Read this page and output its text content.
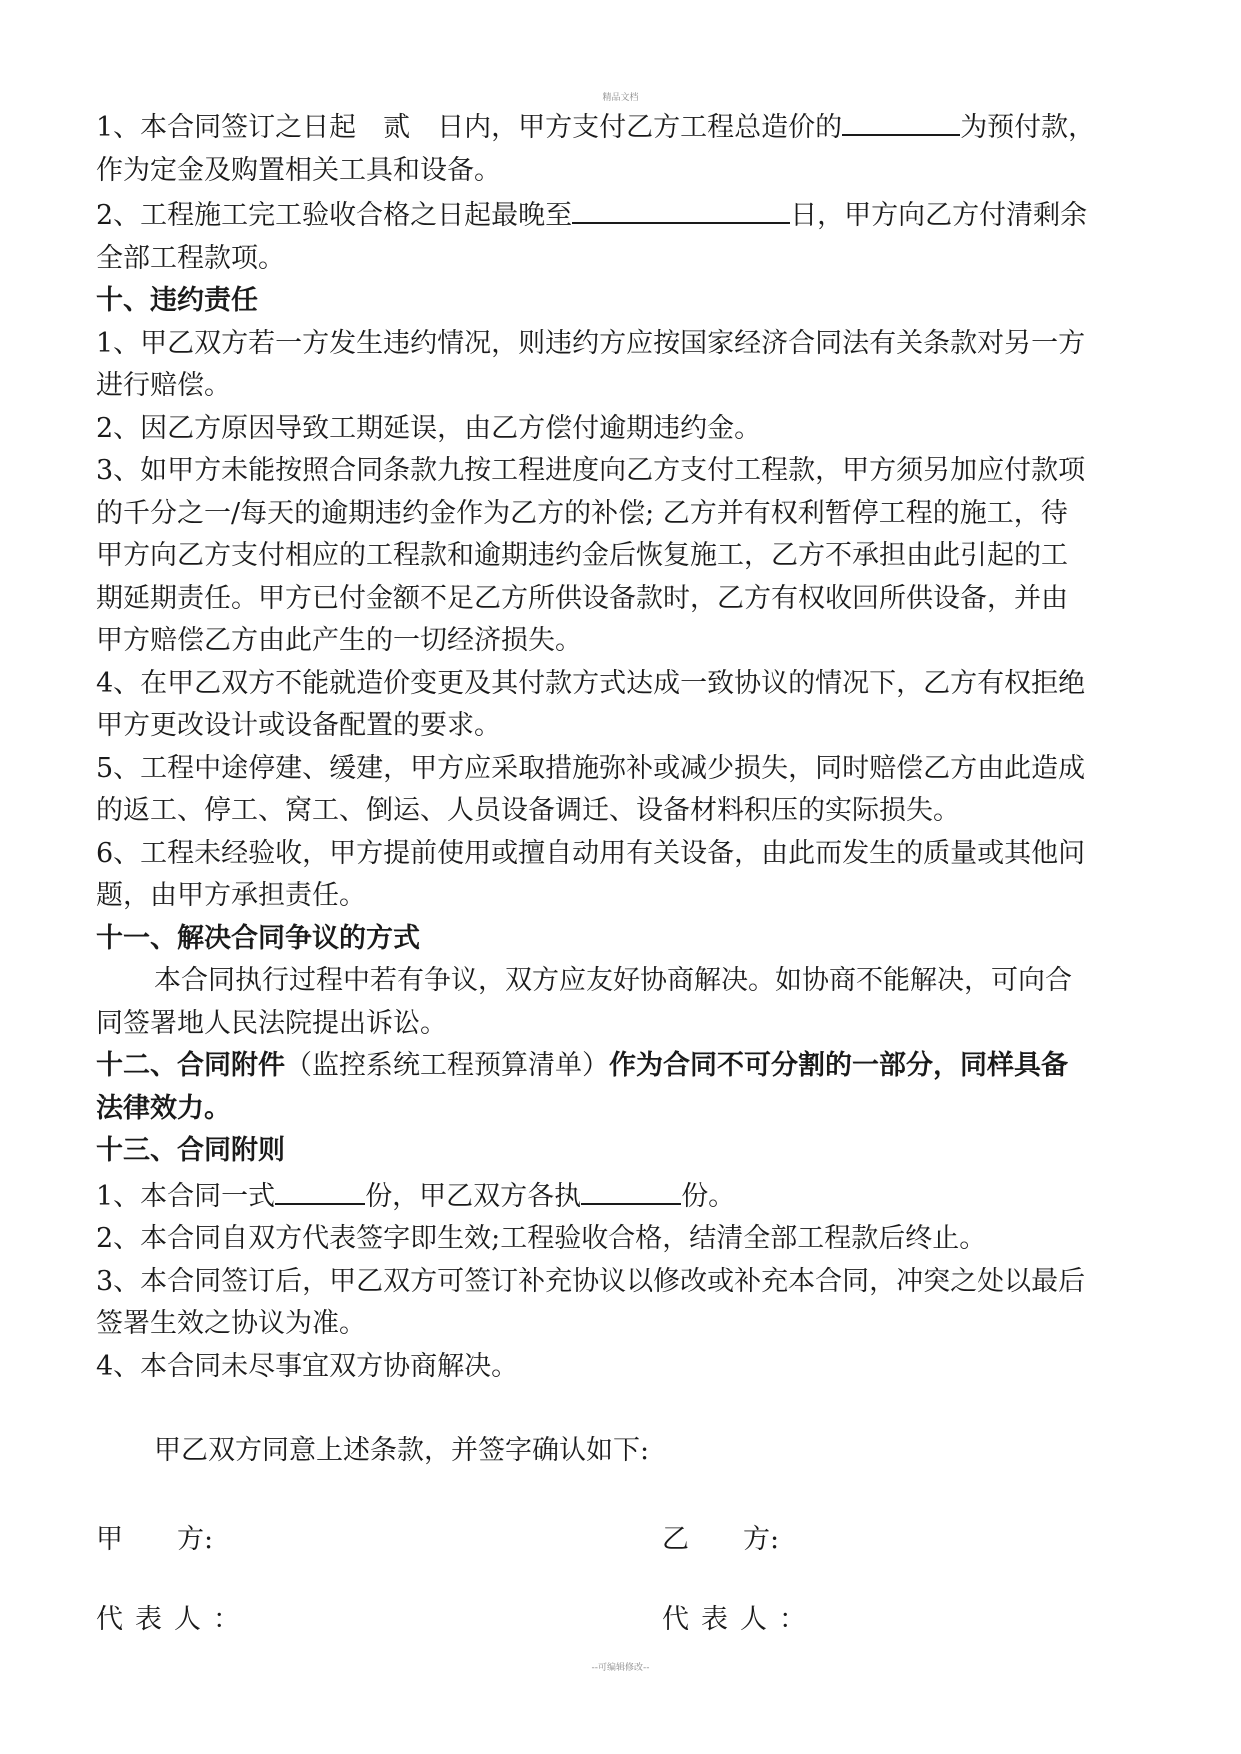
精品文档

1、本合同签订之日起　贰　日内，甲方支付乙方工程总造价的	为预付款，
作为定金及购置相关工具和设备。

2、工程施工完工验收合格之日起最晚至	日，甲方向乙方付清剩余
全部工程款项。

十、违约责任

1、甲乙双方若一方发生违约情况，则违约方应按国家经济合同法有关条款对另一方
进行赔偿。

2、因乙方原因导致工期延误，由乙方偿付逾期违约金。

3、如甲方未能按照合同条款九按工程进度向乙方支付工程款，甲方须另加应付款项
的千分之一/每天的逾期违约金作为乙方的补偿; 乙方并有权利暂停工程的施工，待
甲方向乙方支付相应的工程款和逾期违约金后恢复施工，乙方不承担由此引起的工
期延期责任。甲方已付金额不足乙方所供设备款时，乙方有权收回所供设备，并由
甲方赔偿乙方由此产生的一切经济损失。

4、在甲乙双方不能就造价变更及其付款方式达成一致协议的情况下，乙方有权拒绝
甲方更改设计或设备配置的要求。

5、工程中途停建、缓建，甲方应采取措施弥补或减少损失，同时赔偿乙方由此造成
的返工、停工、窝工、倒运、人员设备调迁、设备材料积压的实际损失。

6、工程未经验收，甲方提前使用或擅自动用有关设备，由此而发生的质量或其他问
题，由甲方承担责任。

十一、解决合同争议的方式

本合同执行过程中若有争议，双方应友好协商解决。如协商不能解决，可向合
同签署地人民法院提出诉讼。

十二、合同附件（监控系统工程预算清单）作为合同不可分割的一部分，同样具备
法律效力。

十三、合同附则

1、本合同一式	份，甲乙双方各执	份。

2、本合同自双方代表签字即生效;工程验收合格，结清全部工程款后终止。

3、本合同签订后，甲乙双方可签订补充协议以修改或补充本合同，冲突之处以最后
签署生效之协议为准。

4、本合同未尽事宜双方协商解决。

甲乙双方同意上述条款，并签字确认如下:

甲　　方:	乙　　方:
代表人：	代表人：
--可编辑修改--
